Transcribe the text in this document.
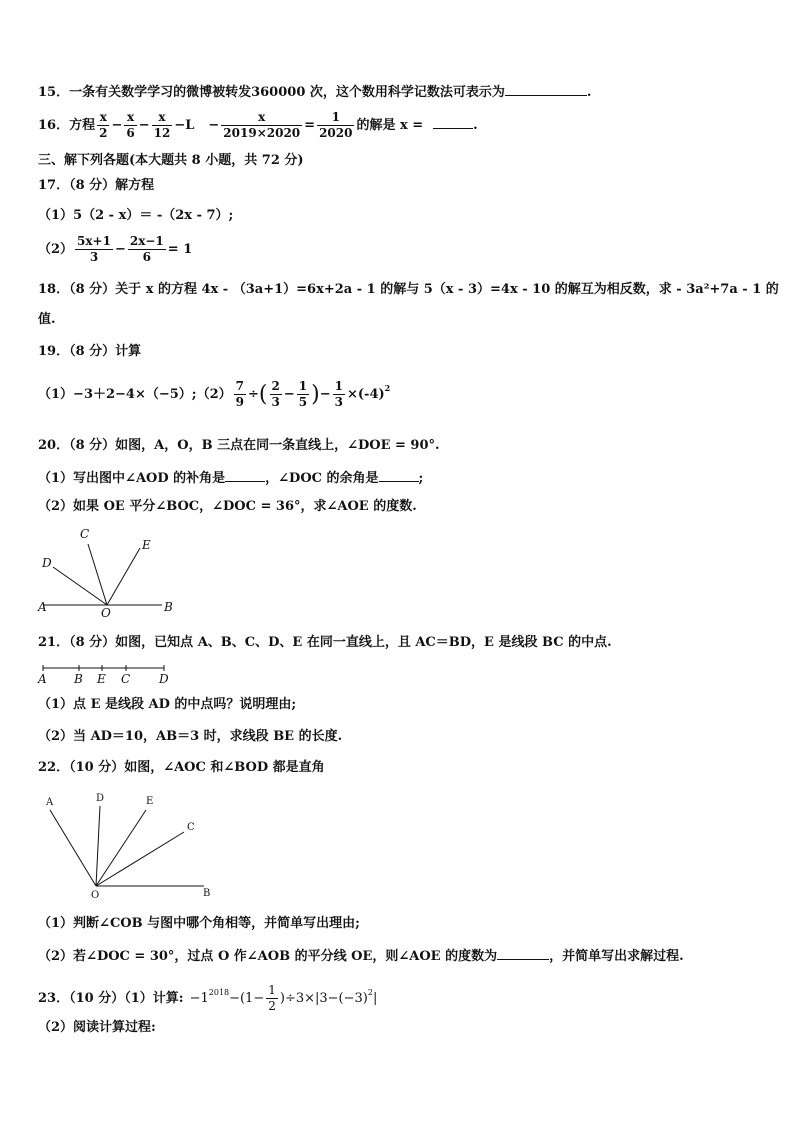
15．一条有关数学学习的微博被转发360000 次，这个数用科学记数法可表示为	.
16．方程 $\frac{x}{2} - \frac{x}{6} - \frac{x}{12} -L - \frac{x}{2019\times 2020} = \frac{1}{2020}$ 的解是 x =	.
三、解下列各题(本大题共 8 小题，共 72 分)
17．（8 分）解方程
（1）5（2 - x）＝ -（2x - 7）;
$(2) \frac{5x+1}{3} - \frac{2x-1}{6} = 1$
18．（8 分）关于 x 的方程 4x - （3a+1）=6x+2a - 1 的解与 5（x - 3）=4x - 10 的解互为相反数，求 - 3a²+7a - 1 的
值.
19．（8 分）计算
（1）−3＋2−4×（−5）;（2） $\frac{7}{9}$ ÷( $\frac{2}{3} - \frac{1}{5}$ )− $\frac{1}{3} \times(-4)^2$
20．（8 分）如图，A，O，B 三点在同一条直线上，∠DOE = 90°.
（1）写出图中∠AOD 的补角是	，∠DOC 的余角是	;
（2）如果 OE 平分∠BOC，∠DOC = 36°，求∠AOE 的度数.
A	B
O
C
D
E
21．（8 分）如图，已知点 A、B、C、D、E 在同一直线上，且 AC＝BD，E 是线段 BC 的中点.
A B E C D
（1）点 E 是线段 AD 的中点吗？说明理由;
（2）当 AD＝10，AB＝3 时，求线段 BE 的长度.
22．（10 分）如图，∠AOC 和∠BOD 都是直角
A	D	E
C
O	B
（1）判断∠COB 与图中哪个角相等，并简单写出理由;
（2）若∠DOC = 30°，过点 O 作∠AOB 的平分线 OE，则∠AOE 的度数为	，并简单写出求解过程.
23．（10 分）（1）计算: $-1^{2018}-(1- \frac{1}{2} )\div 3\times|3-(-3)^2|$
（2）阅读计算过程:
